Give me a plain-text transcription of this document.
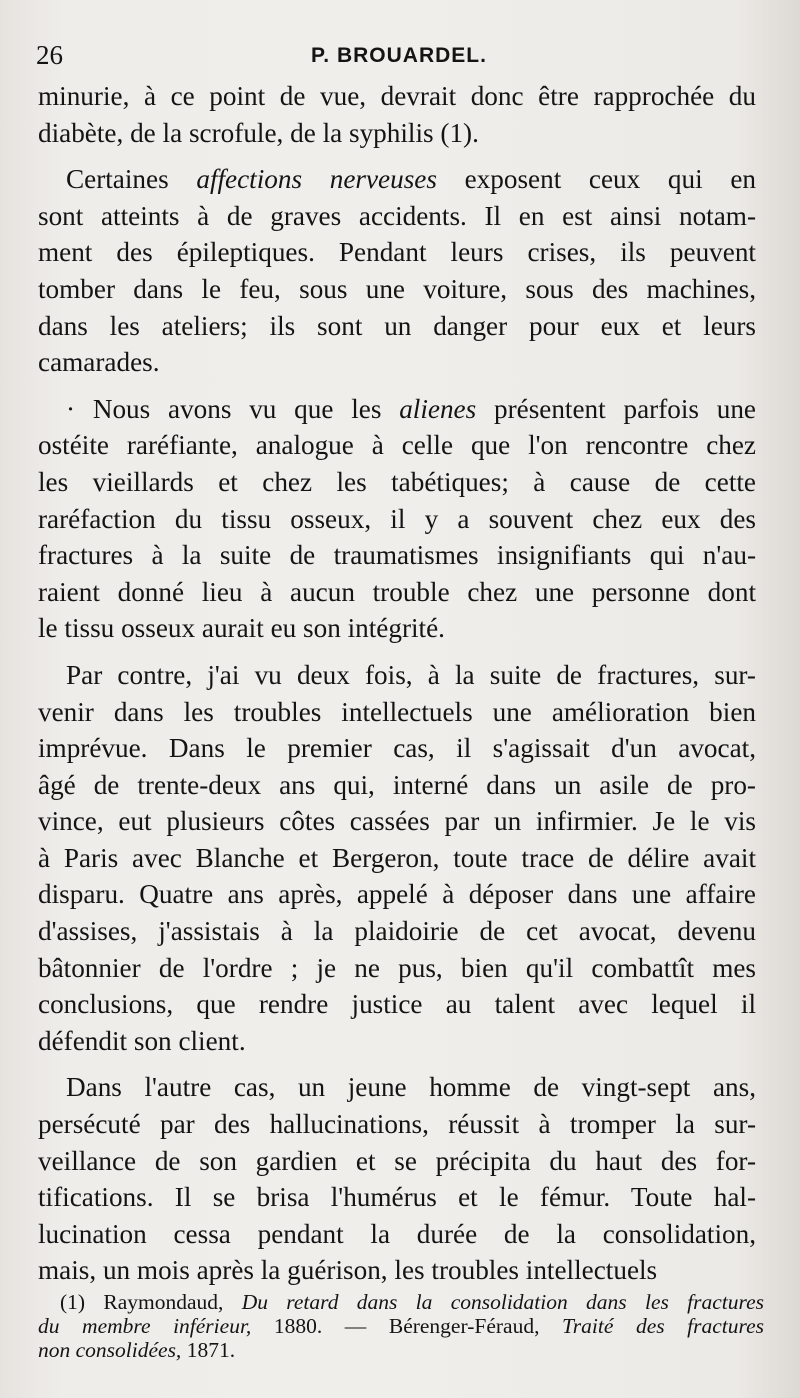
26	P. BROUARDEL.
minurie, à ce point de vue, devrait donc être rapprochée du
diabète, de la scrofule, de la syphilis (1).
Certaines affections nerveuses exposent ceux qui en
sont atteints à de graves accidents. Il en est ainsi notam-
ment des épileptiques. Pendant leurs crises, ils peuvent
tomber dans le feu, sous une voiture, sous des machines,
dans les ateliers; ils sont un danger pour eux et leurs
camarades.
· Nous avons vu que les alienes présentent parfois une
ostéite raréfiante, analogue à celle que l'on rencontre chez
les vieillards et chez les tabétiques; à cause de cette
raréfaction du tissu osseux, il y a souvent chez eux des
fractures à la suite de traumatismes insignifiants qui n'au-
raient donné lieu à aucun trouble chez une personne dont
le tissu osseux aurait eu son intégrité.
Par contre, j'ai vu deux fois, à la suite de fractures, sur-
venir dans les troubles intellectuels une amélioration bien
imprévue. Dans le premier cas, il s'agissait d'un avocat,
âgé de trente-deux ans qui, interné dans un asile de pro-
vince, eut plusieurs côtes cassées par un infirmier. Je le vis
à Paris avec Blanche et Bergeron, toute trace de délire avait
disparu. Quatre ans après, appelé à déposer dans une affaire
d'assises, j'assistais à la plaidoirie de cet avocat, devenu
bâtonnier de l'ordre ; je ne pus, bien qu'il combattît mes
conclusions, que rendre justice au talent avec lequel il
défendit son client.
Dans l'autre cas, un jeune homme de vingt-sept ans,
persécuté par des hallucinations, réussit à tromper la sur-
veillance de son gardien et se précipita du haut des for-
tifications. Il se brisa l'humérus et le fémur. Toute hal-
lucination cessa pendant la durée de la consolidation,
mais, un mois après la guérison, les troubles intellectuels
(1) Raymondaud, Du retard dans la consolidation dans les fractures
du membre inférieur, 1880. — Bérenger-Féraud, Traité des fractures
non consolidées, 1871.
